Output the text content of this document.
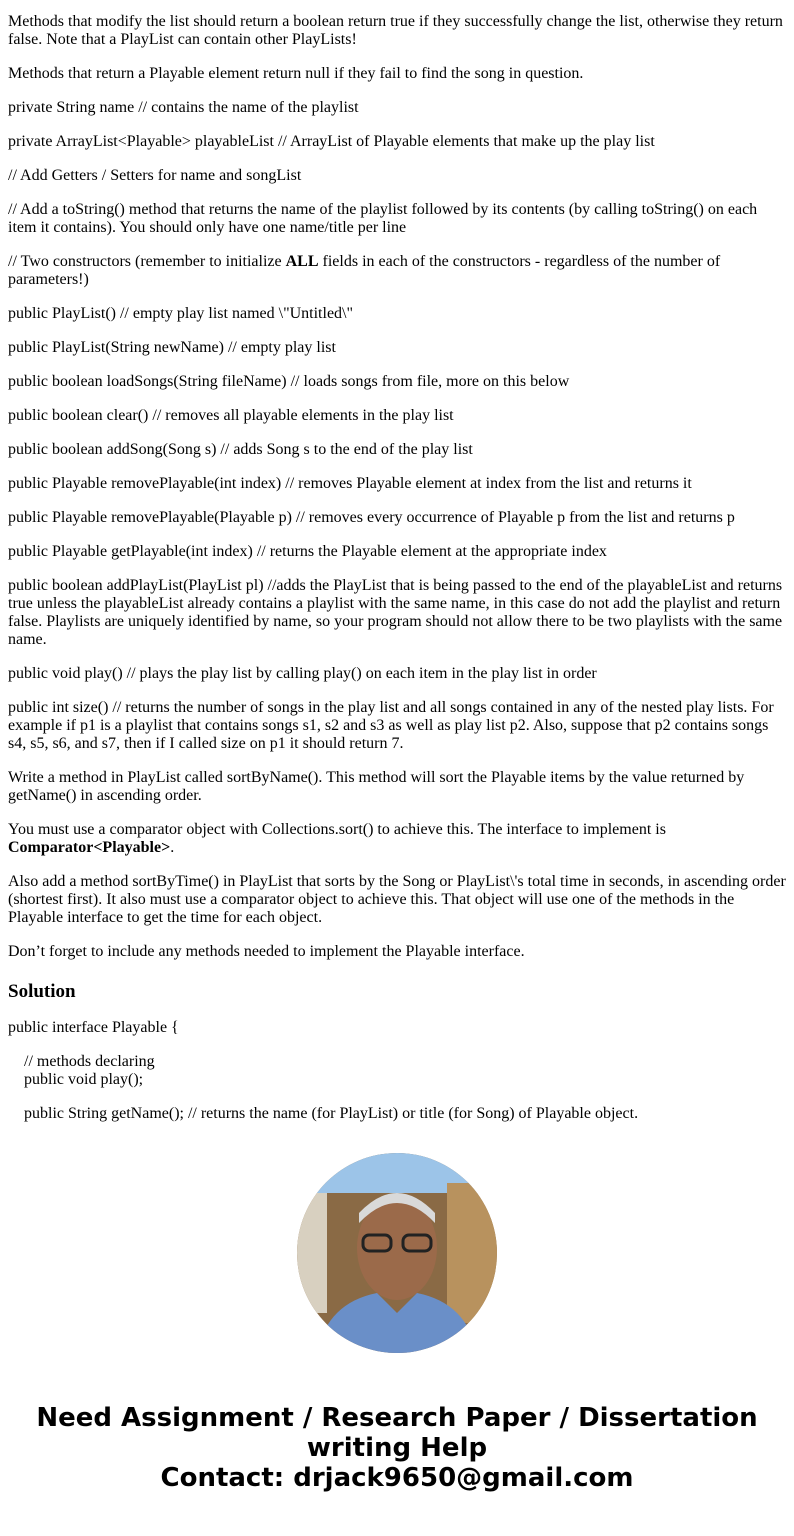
Methods that modify the list should return a boolean return true if they successfully change the list, otherwise they return false. Note that a PlayList can contain other PlayLists!

Methods that return a Playable element return null if they fail to find the song in question.

private String name // contains the name of the playlist

private ArrayList<Playable> playableList // ArrayList of Playable elements that make up the play list

// Add Getters / Setters for name and songList

// Add a toString() method that returns the name of the playlist followed by its contents (by calling toString() on each item it contains). You should only have one name/title per line

// Two constructors (remember to initialize ALL fields in each of the constructors - regardless of the number of parameters!)

public PlayList() // empty play list named \"Untitled\"

public PlayList(String newName) // empty play list

public boolean loadSongs(String fileName) // loads songs from file, more on this below

public boolean clear() // removes all playable elements in the play list

public boolean addSong(Song s) // adds Song s to the end of the play list

public Playable removePlayable(int index) // removes Playable element at index from the list and returns it

public Playable removePlayable(Playable p) // removes every occurrence of Playable p from the list and returns p

public Playable getPlayable(int index) // returns the Playable element at the appropriate index

public boolean addPlayList(PlayList pl) //adds the PlayList that is being passed to the end of the playableList and returns true unless the playableList already contains a playlist with the same name, in this case do not add the playlist and return false. Playlists are uniquely identified by name, so your program should not allow there to be two playlists with the same name.

public void play() // plays the play list by calling play() on each item in the play list in order

public int size() // returns the number of songs in the play list and all songs contained in any of the nested play lists. For example if p1 is a playlist that contains songs s1, s2 and s3 as well as play list p2. Also, suppose that p2 contains songs s4, s5, s6, and s7, then if I called size on p1 it should return 7.

Write a method in PlayList called sortByName(). This method will sort the Playable items by the value returned by getName() in ascending order.

You must use a comparator object with Collections.sort() to achieve this. The interface to implement is Comparator<Playable>.

Also add a method sortByTime() in PlayList that sorts by the Song or PlayList\'s total time in seconds, in ascending order (shortest first). It also must use a comparator object to achieve this. That object will use one of the methods in the Playable interface to get the time for each object.

Don’t forget to include any methods needed to implement the Playable interface.

Solution

public interface Playable {

// methods declaring
public void play();

public String getName(); // returns the name (for PlayList) or title (for Song) of Playable object.

Need Assignment / Research Paper / Dissertation writing Help
Contact: drjack9650@gmail.com
